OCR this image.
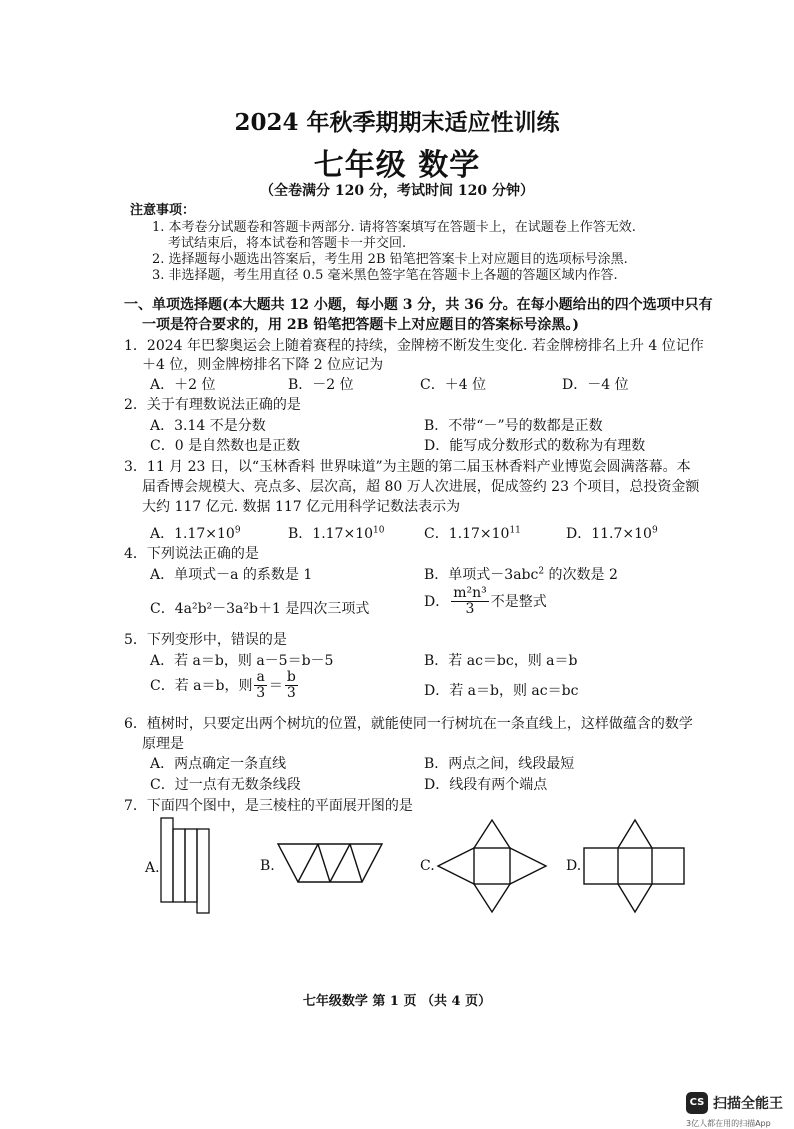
2024 年秋季期期末适应性训练
七年级 数学
（全卷满分 120 分，考试时间 120 分钟）
注意事项：
1. 本考卷分试题卷和答题卡两部分. 请将答案填写在答题卡上，在试题卷上作答无效.
考试结束后，将本试卷和答题卡一并交回.
2. 选择题每小题选出答案后，考生用 2B 铅笔把答案卡上对应题目的选项标号涂黑.
3. 非选择题，考生用直径 0.5 毫米黑色签字笔在答题卡上各题的答题区域内作答.
一、单项选择题(本大题共 12 小题，每小题 3 分，共 36 分。在每小题给出的四个选项中只有
一项是符合要求的，用 2B 铅笔把答题卡上对应题目的答案标号涂黑。)
1．2024 年巴黎奥运会上随着赛程的持续，金牌榜不断发生变化. 若金牌榜排名上升 4 位记作
＋4 位，则金牌榜排名下降 2 位应记为
A．＋2 位	B．－2 位	C．＋4 位	D．－4 位
2．关于有理数说法正确的是
A．3.14 不是分数	B．不带“－”号的数都是正数
C．0 是自然数也是正数	D．能写成分数形式的数称为有理数
3．11 月 23 日，以“玉林香料 世界味道”为主题的第二届玉林香料产业博览会圆满落幕。本
届香博会规模大、亮点多、层次高，超 80 万人次进展，促成签约 23 个项目，总投资金额
大约 117 亿元. 数据 117 亿元用科学记数法表示为
A．$1.17\times 10^9$	B．$1.17\times 10^{10}$	C．$1.17\times 10^{11}$	D．$11.7\times 10^9$
4．下列说法正确的是
A．单项式－a 的系数是 1	B．单项式－3abc$^2$ 的次数是 2
C．4a²b²－3a²b＋1 是四次三项式	D． $\frac{\text{m²n³}}{3}$ 不是整式
5．下列变形中，错误的是
A．若 a＝b，则 a－5＝b－5	B．若 ac＝bc，则 a＝b
C．若 a＝b，则 $\frac{a}{3} = \frac{b}{3}$	D．若 a＝b，则 ac＝bc
6．植树时，只要定出两个树坑的位置，就能使同一行树坑在一条直线上，这样做蕴含的数学
原理是
A．两点确定一条直线	B．两点之间，线段最短
C．过一点有无数条线段	D．线段有两个端点
7．下面四个图中，是三棱柱的平面展开图的是
A.	B.	C.	D.
七年级数学 第 1 页 （共 4 页）
CS 扫描全能王
3亿人都在用的扫描App
